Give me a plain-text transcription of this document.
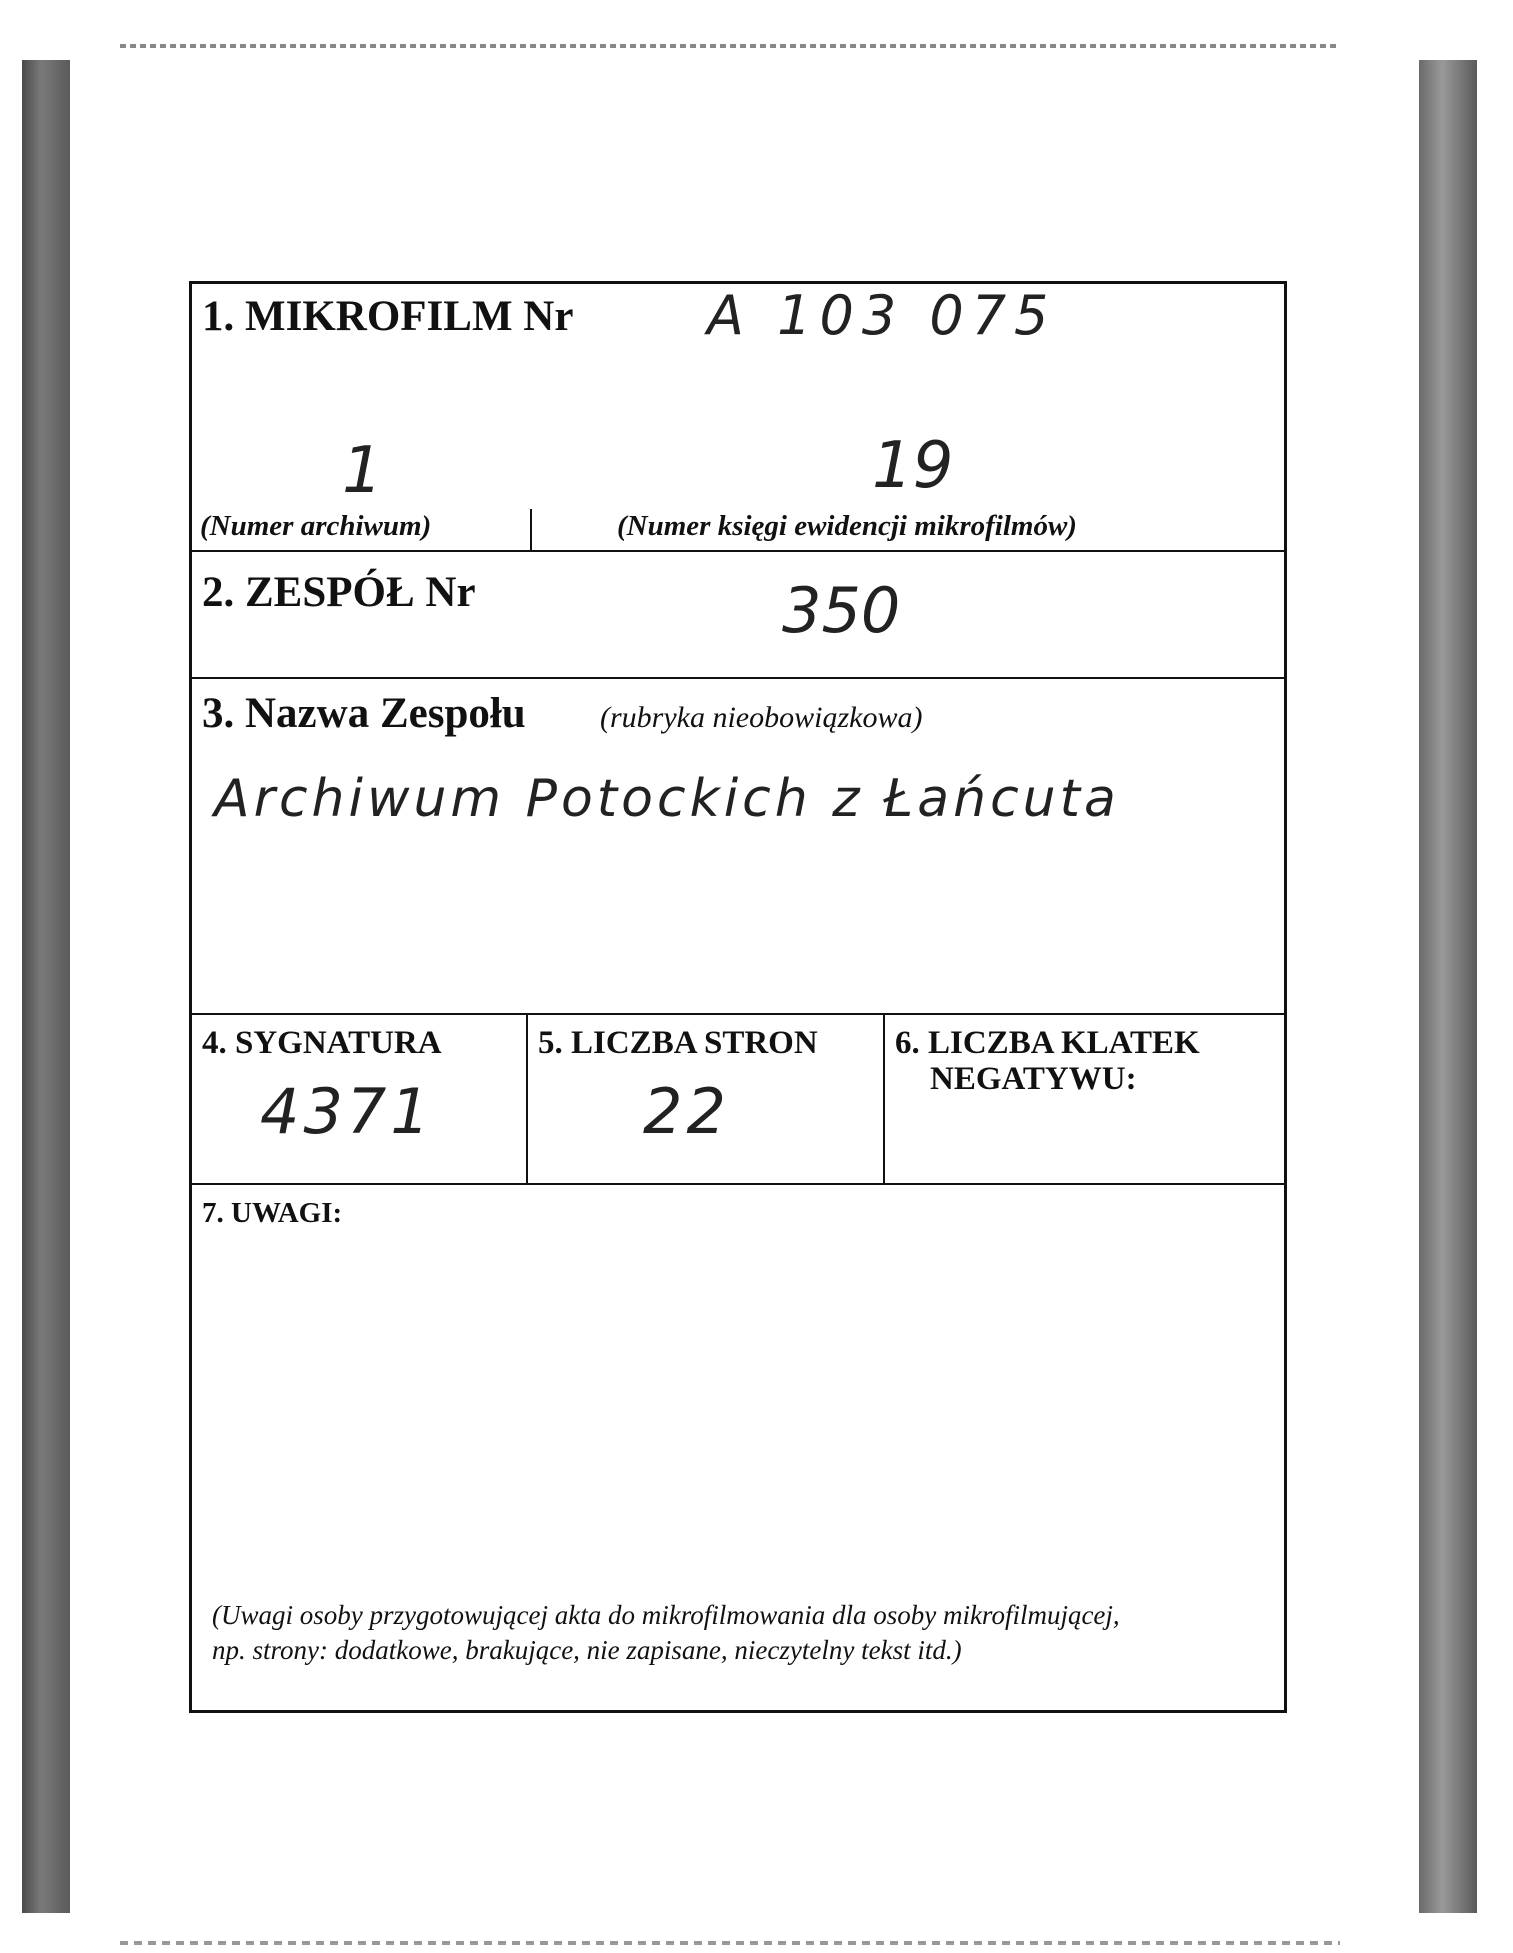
1. MIKROFILM Nr A 103 075
1	19
(Numer archiwum)	(Numer księgi ewidencji mikrofilmów)
2. ZESPÓŁ Nr	350
3. Nazwa Zespołu (rubryka nieobowiązkowa)
Archiwum Potockich z Łańcuta
4. SYGNATURA
4371
5. LICZBA STRON
22
6. LICZBA KLATEK
NEGATYWU:
7. UWAGI:
(Uwagi osoby przygotowującej akta do mikrofilmowania dla osoby mikrofilmującej,
np. strony: dodatkowe, brakujące, nie zapisane, nieczytelny tekst itd.)
